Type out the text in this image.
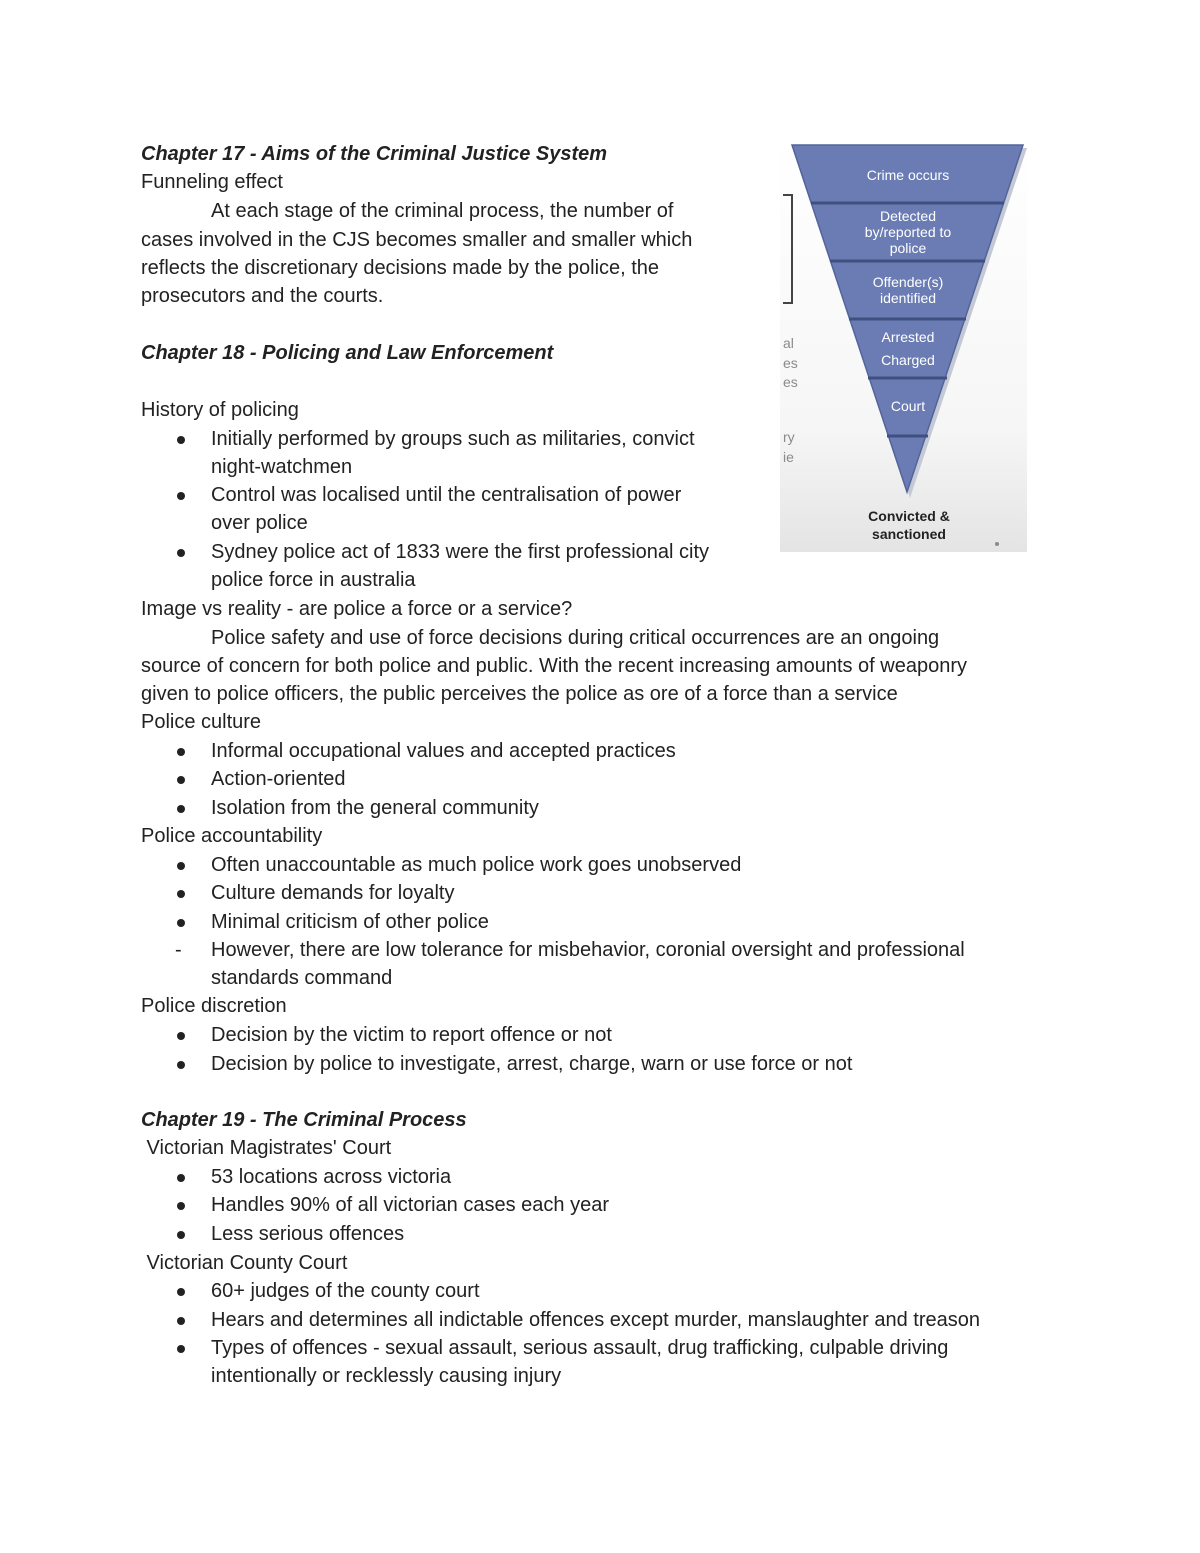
Chapter 17 - Aims of the Criminal Justice System
Funneling effect
At each stage of the criminal process, the number of
cases involved in the CJS becomes smaller and smaller which
reflects the discretionary decisions made by the police, the
prosecutors and the courts.
al
es
es
ry
ie
Crime occurs
Detected
by/reported to
police
Offender(s)
identified
Arrested
Charged
Court
Convicted &
sanctioned
Chapter 18 - Policing and Law Enforcement
History of policing
Initially performed by groups such as militaries, convict
night-watchmen
Control was localised until the centralisation of power
over police
Sydney police act of 1833 were the first professional city
police force in australia
Image vs reality - are police a force or a service?
Police safety and use of force decisions during critical occurrences are an ongoing
source of concern for both police and public. With the recent increasing amounts of weaponry
given to police officers, the public perceives the police as ore of a force than a service
Police culture
Informal occupational values and accepted practices
Action-oriented
Isolation from the general community
Police accountability
Often unaccountable as much police work goes unobserved
Culture demands for loyalty
Minimal criticism of other police
- However, there are low tolerance for misbehavior, coronial oversight and professional
standards command
Police discretion
Decision by the victim to report offence or not
Decision by police to investigate, arrest, charge, warn or use force or not
Chapter 19 - The Criminal Process
Victorian Magistrates' Court
53 locations across victoria
Handles 90% of all victorian cases each year
Less serious offences
Victorian County Court
60+ judges of the county court
Hears and determines all indictable offences except murder, manslaughter and treason
Types of offences - sexual assault, serious assault, drug trafficking, culpable driving
intentionally or recklessly causing injury
